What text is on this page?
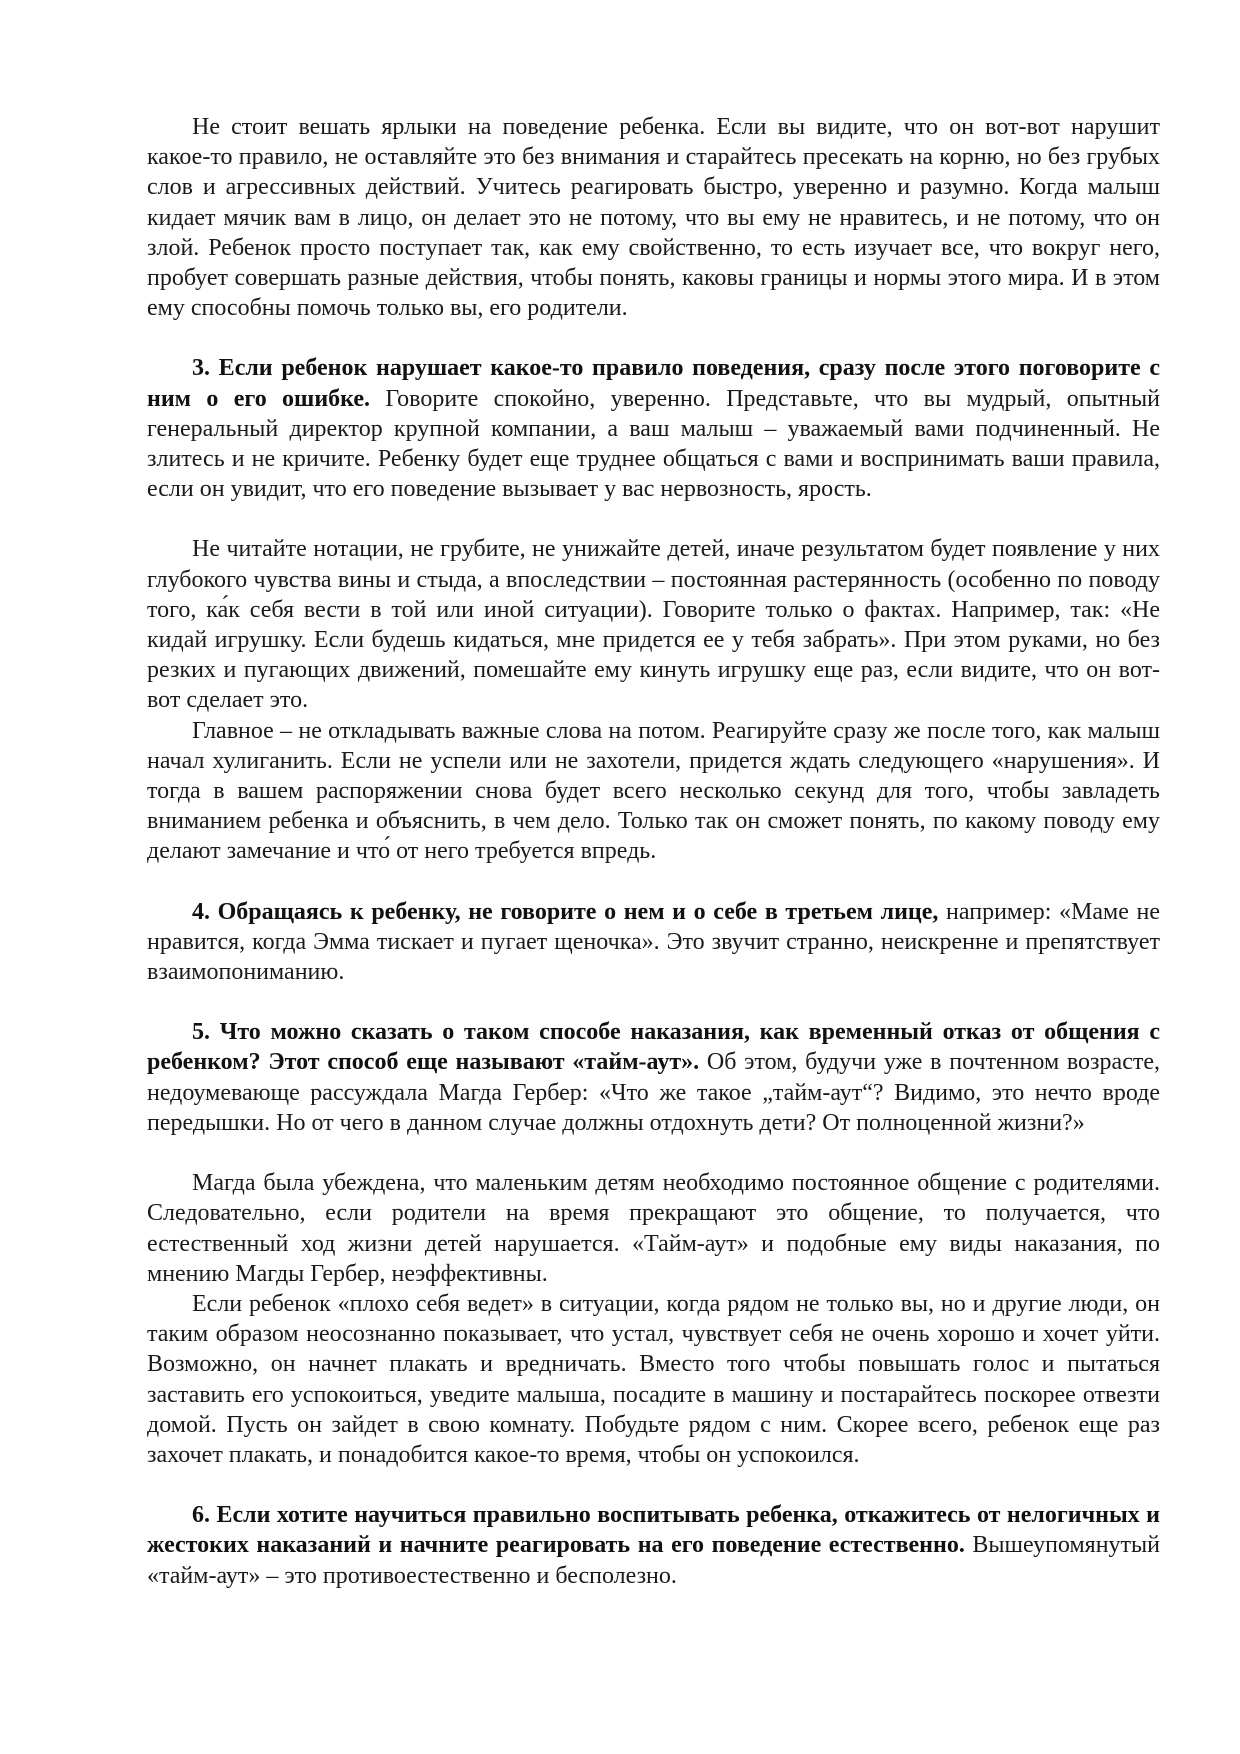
Не стоит вешать ярлыки на поведение ребенка. Если вы видите, что он вот-вот нарушит какое-то правило, не оставляйте это без внимания и старайтесь пресекать на корню, но без грубых слов и агрессивных действий. Учитесь реагировать быстро, уверенно и разумно. Когда малыш кидает мячик вам в лицо, он делает это не потому, что вы ему не нравитесь, и не потому, что он злой. Ребенок просто поступает так, как ему свойственно, то есть изучает все, что вокруг него, пробует совершать разные действия, чтобы понять, каковы границы и нормы этого мира. И в этом ему способны помочь только вы, его родители.

3. Если ребенок нарушает какое-то правило поведения, сразу после этого поговорите с ним о его ошибке. Говорите спокойно, уверенно. Представьте, что вы мудрый, опытный генеральный директор крупной компании, а ваш малыш – уважаемый вами подчиненный. Не злитесь и не кричите. Ребенку будет еще труднее общаться с вами и воспринимать ваши правила, если он увидит, что его поведение вызывает у вас нервозность, ярость.

Не читайте нотации, не грубите, не унижайте детей, иначе результатом будет появление у них глубокого чувства вины и стыда, а впоследствии – постоянная растерянность (особенно по поводу того, ка́к себя вести в той или иной ситуации). Говорите только о фактах. Например, так: «Не кидай игрушку. Если будешь кидаться, мне придется ее у тебя забрать». При этом руками, но без резких и пугающих движений, помешайте ему кинуть игрушку еще раз, если видите, что он вот-вот сделает это.

Главное – не откладывать важные слова на потом. Реагируйте сразу же после того, как малыш начал хулиганить. Если не успели или не захотели, придется ждать следующего «нарушения». И тогда в вашем распоряжении снова будет всего несколько секунд для того, чтобы завладеть вниманием ребенка и объяснить, в чем дело. Только так он сможет понять, по какому поводу ему делают замечание и что́ от него требуется впредь.

4. Обращаясь к ребенку, не говорите о нем и о себе в третьем лице, например: «Маме не нравится, когда Эмма тискает и пугает щеночка». Это звучит странно, неискренне и препятствует взаимопониманию.

5. Что можно сказать о таком способе наказания, как временный отказ от общения с ребенком? Этот способ еще называют «тайм-аут». Об этом, будучи уже в почтенном возрасте, недоумевающе рассуждала Магда Гербер: «Что же такое „тайм-аут“? Видимо, это нечто вроде передышки. Но от чего в данном случае должны отдохнуть дети? От полноценной жизни?»

Магда была убеждена, что маленьким детям необходимо постоянное общение с родителями. Следовательно, если родители на время прекращают это общение, то получается, что естественный ход жизни детей нарушается. «Тайм-аут» и подобные ему виды наказания, по мнению Магды Гербер, неэффективны.

Если ребенок «плохо себя ведет» в ситуации, когда рядом не только вы, но и другие люди, он таким образом неосознанно показывает, что устал, чувствует себя не очень хорошо и хочет уйти. Возможно, он начнет плакать и вредничать. Вместо того чтобы повышать голос и пытаться заставить его успокоиться, уведите малыша, посадите в машину и постарайтесь поскорее отвезти домой. Пусть он зайдет в свою комнату. Побудьте рядом с ним. Скорее всего, ребенок еще раз захочет плакать, и понадобится какое-то время, чтобы он успокоился.

6. Если хотите научиться правильно воспитывать ребенка, откажитесь от нелогичных и жестоких наказаний и начните реагировать на его поведение естественно. Вышеупомянутый «тайм-аут» – это противоестественно и бесполезно.
